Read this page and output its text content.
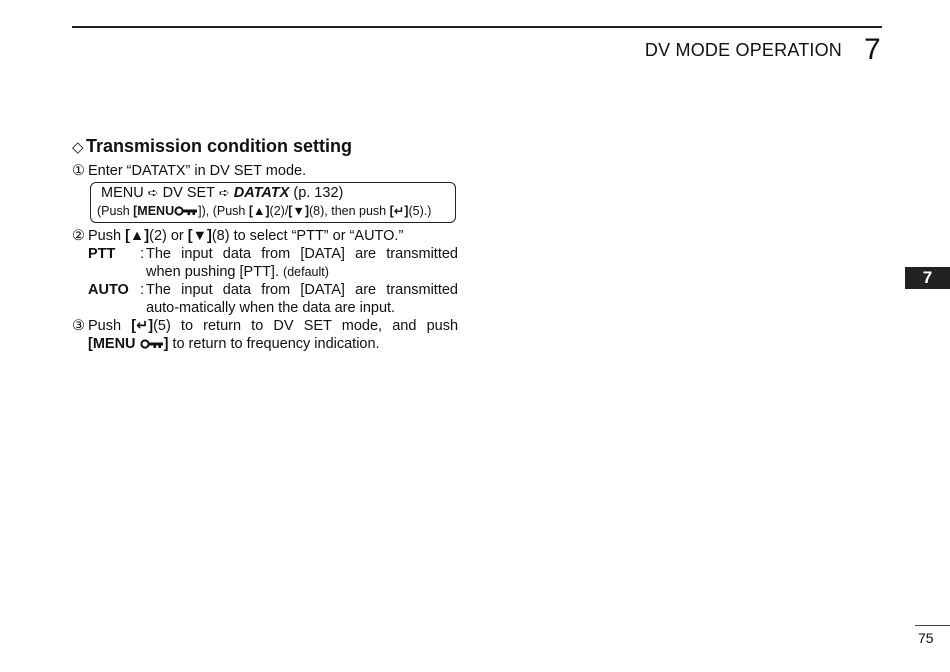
DV MODE OPERATION 7
7
◇ Transmission condition setting
① Enter “DATATX” in DV SET mode.
MENU ➪ DV SET ➪ DATATX (p. 132)
(Push [MENU ]), (Push [▲](2)/[▼](8), then push [↵](5).)
② Push [▲](2) or [▼](8) to select “PTT” or “AUTO.”
PTT	: The input data from [DATA] are transmitted when pushing [PTT]. (default)
AUTO : The input data from [DATA] are transmitted auto-matically when the data are input.
③ Push [↵](5) to return to DV SET mode, and push
[MENU ] to return to frequency indication.
75
